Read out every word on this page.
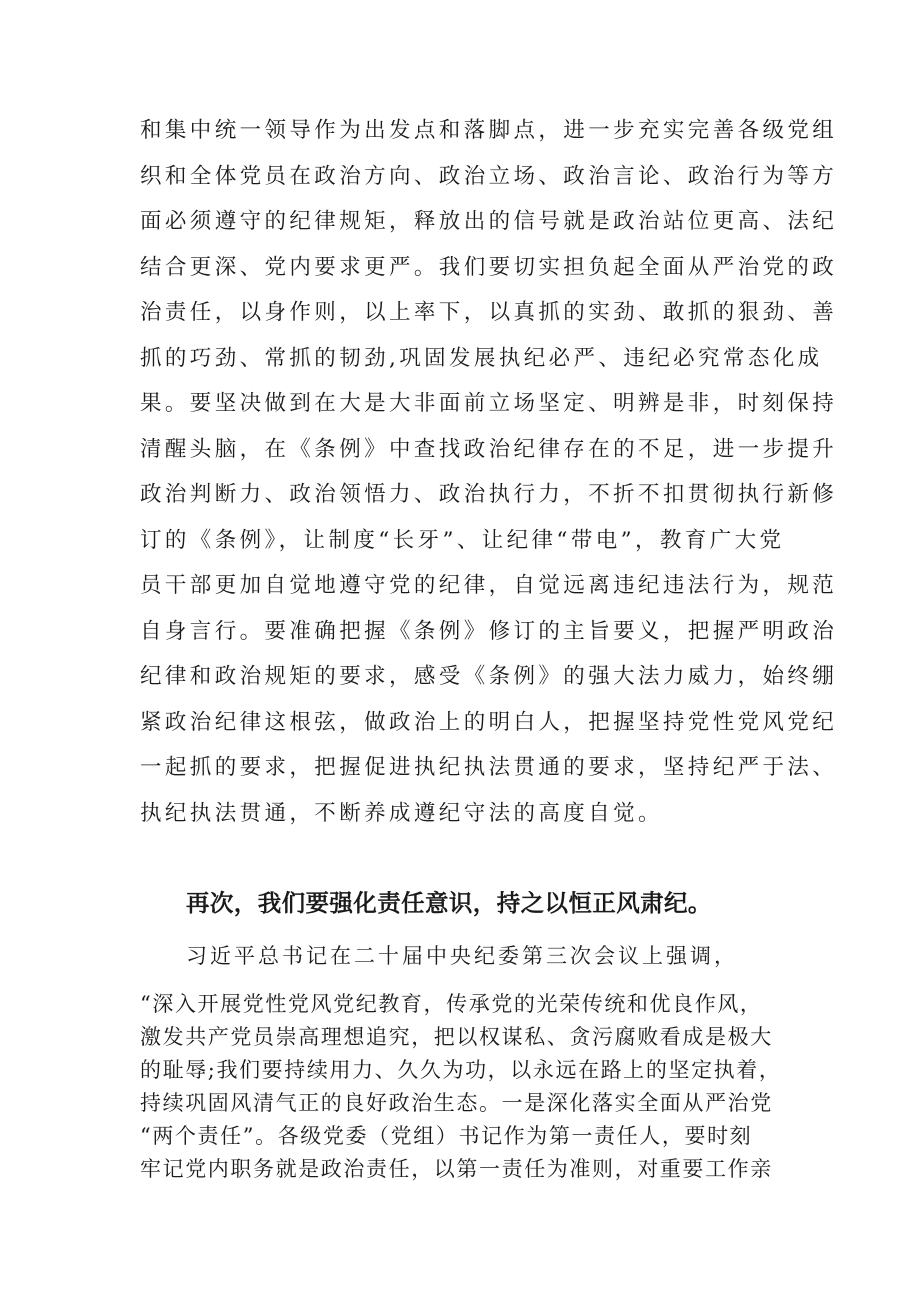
和集中统一领导作为出发点和落脚点，进一步充实完善各级党组
织和全体党员在政治方向、政治立场、政治言论、政治行为等方
面必须遵守的纪律规矩，释放出的信号就是政治站位更高、法纪
结合更深、党内要求更严。我们要切实担负起全面从严治党的政
治责任，以身作则，以上率下，以真抓的实劲、敢抓的狠劲、善
抓的巧劲、常抓的韧劲,巩固发展执纪必严、违纪必究常态化成
果。要坚决做到在大是大非面前立场坚定、明辨是非，时刻保持
清醒头脑，在《条例》中查找政治纪律存在的不足，进一步提升
政治判断力、政治领悟力、政治执行力，不折不扣贯彻执行新修
订的《条例》，让制度“长牙”、让纪律“带电”，教育广大党
员干部更加自觉地遵守党的纪律，自觉远离违纪违法行为，规范
自身言行。要准确把握《条例》修订的主旨要义，把握严明政治
纪律和政治规矩的要求，感受《条例》的强大法力威力，始终绷
紧政治纪律这根弦，做政治上的明白人，把握坚持党性党风党纪
一起抓的要求，把握促进执纪执法贯通的要求，坚持纪严于法、
执纪执法贯通，不断养成遵纪守法的高度自觉。
再次，我们要强化责任意识，持之以恒正风肃纪。

习近平总书记在二十届中央纪委第三次会议上强调，

“深入开展党性党风党纪教育，传承党的光荣传统和优良作风，
激发共产党员崇高理想追究，把以权谋私、贪污腐败看成是极大
的耻辱;我们要持续用力、久久为功，以永远在路上的坚定执着，
持续巩固风清气正的良好政治生态。一是深化落实全面从严治党
“两个责任”。各级党委（党组）书记作为第一责任人，要时刻
牢记党内职务就是政治责任，以第一责任为准则，对重要工作亲
